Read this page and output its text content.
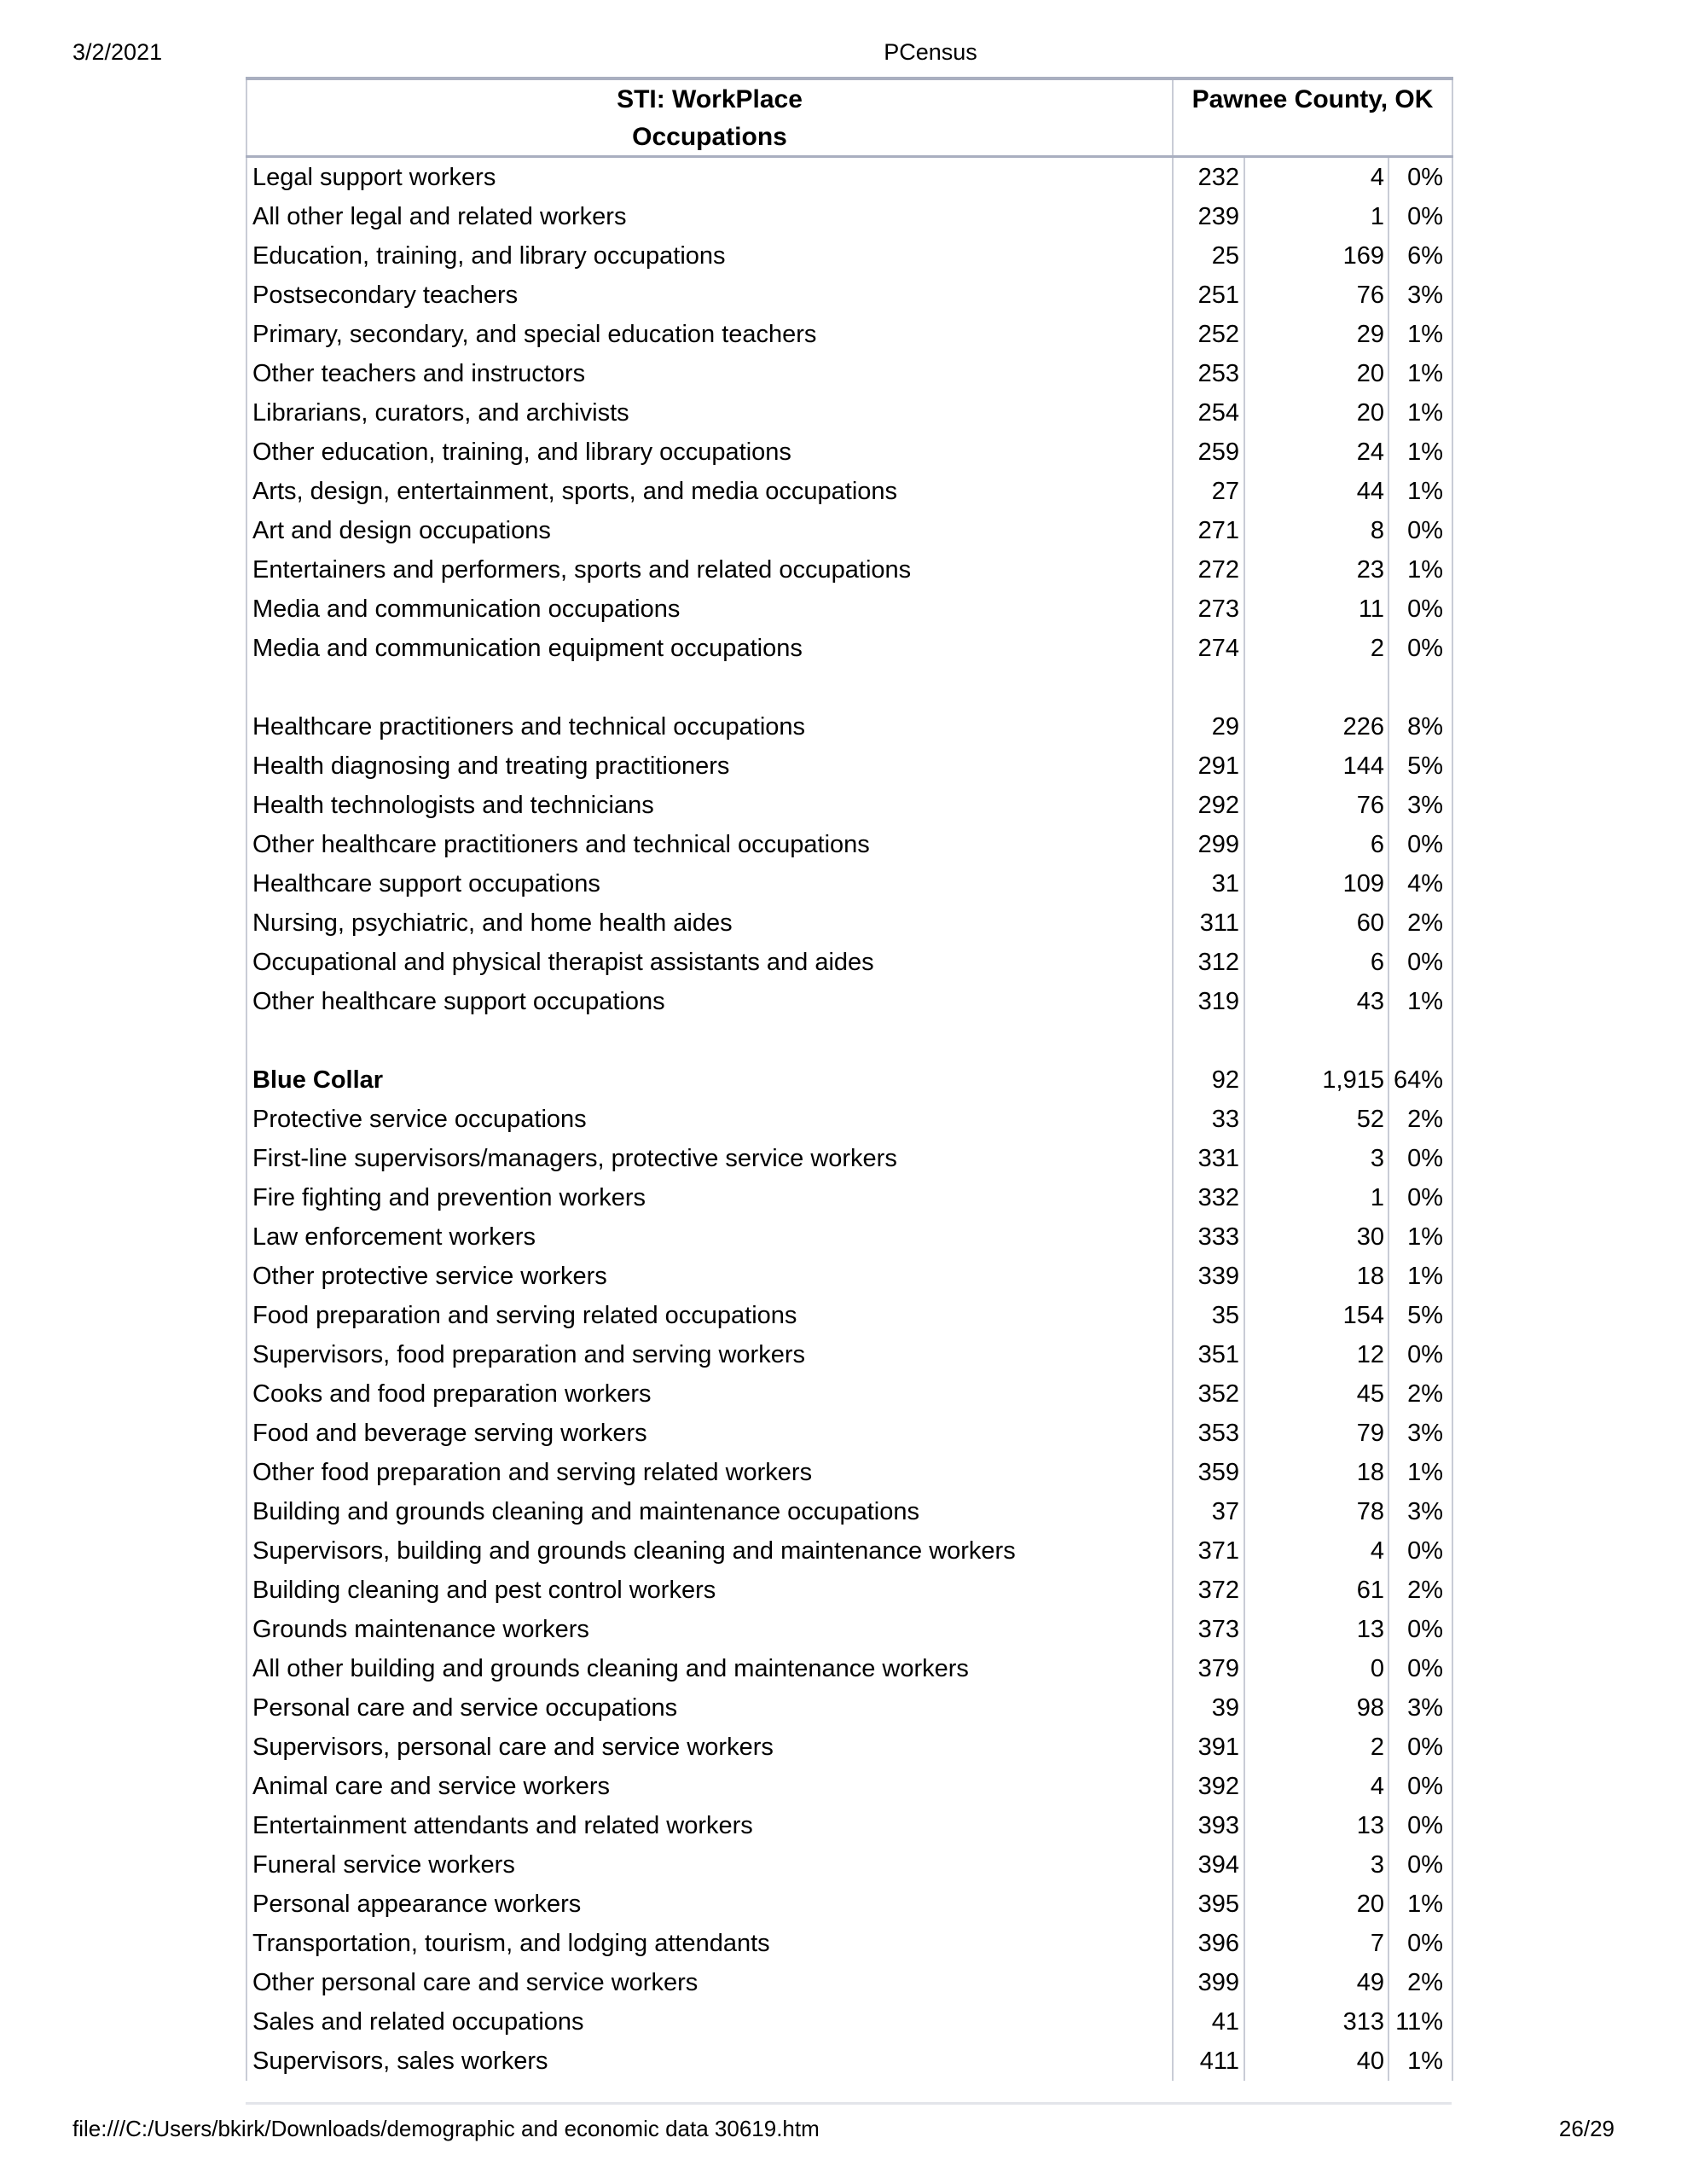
3/2/2021	PCensus
STI: WorkPlace
Occupations	Pawnee County, OK		

Legal support workers	232	4	0%
All other legal and related workers	239	1	0%
Education, training, and library occupations	25	169	6%
Postsecondary teachers	251	76	3%
Primary, secondary, and special education teachers	252	29	1%
Other teachers and instructors	253	20	1%
Librarians, curators, and archivists	254	20	1%
Other education, training, and library occupations	259	24	1%
Arts, design, entertainment, sports, and media occupations	27	44	1%
Art and design occupations	271	8	0%
Entertainers and performers, sports and related occupations	272	23	1%
Media and communication occupations	273	11	0%
Media and communication equipment occupations	274	2	0%

Healthcare practitioners and technical occupations	29	226	8%
Health diagnosing and treating practitioners	291	144	5%
Health technologists and technicians	292	76	3%
Other healthcare practitioners and technical occupations	299	6	0%
Healthcare support occupations	31	109	4%
Nursing, psychiatric, and home health aides	311	60	2%
Occupational and physical therapist assistants and aides	312	6	0%
Other healthcare support occupations	319	43	1%

Blue Collar	92	1,915	64%
Protective service occupations	33	52	2%
First-line supervisors/managers, protective service workers	331	3	0%
Fire fighting and prevention workers	332	1	0%
Law enforcement workers	333	30	1%
Other protective service workers	339	18	1%
Food preparation and serving related occupations	35	154	5%
Supervisors, food preparation and serving workers	351	12	0%
Cooks and food preparation workers	352	45	2%
Food and beverage serving workers	353	79	3%
Other food preparation and serving related workers	359	18	1%
Building and grounds cleaning and maintenance occupations	37	78	3%
Supervisors, building and grounds cleaning and maintenance workers	371	4	0%
Building cleaning and pest control workers	372	61	2%
Grounds maintenance workers	373	13	0%
All other building and grounds cleaning and maintenance workers	379	0	0%
Personal care and service occupations	39	98	3%
Supervisors, personal care and service workers	391	2	0%
Animal care and service workers	392	4	0%
Entertainment attendants and related workers	393	13	0%
Funeral service workers	394	3	0%
Personal appearance workers	395	20	1%
Transportation, tourism, and lodging attendants	396	7	0%
Other personal care and service workers	399	49	2%
Sales and related occupations	41	313	11%
Supervisors, sales workers	411	40	1%
file:///C:/Users/bkirk/Downloads/demographic and economic data 30619.htm	26/29
